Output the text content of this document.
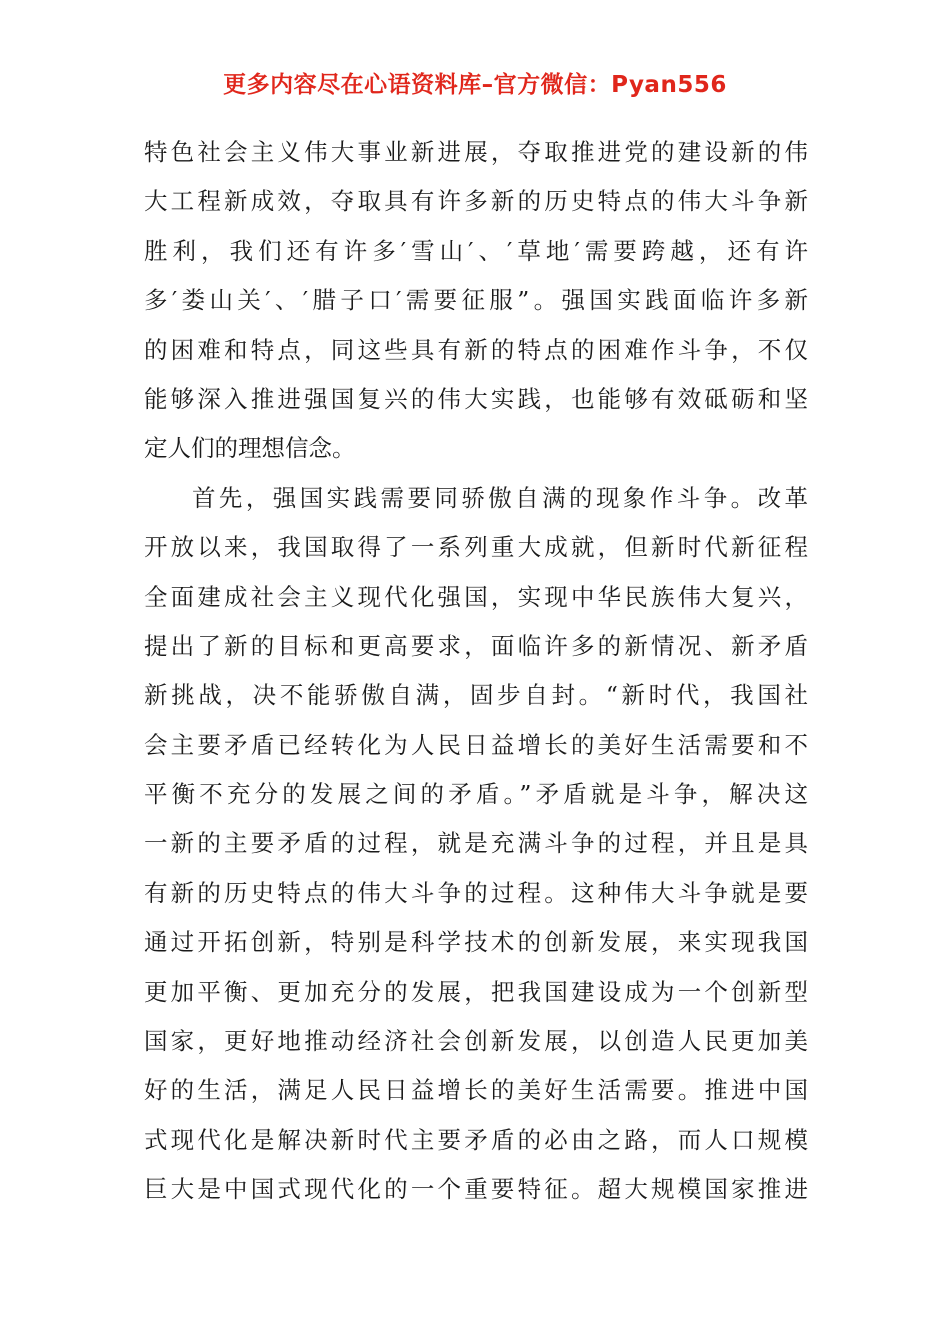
更多内容尽在心语资料库–官方微信：Pyan556
特色社会主义伟大事业新进展，夺取推进党的建设新的伟
大工程新成效，夺取具有许多新的历史特点的伟大斗争新
胜利，我们还有许多′雪山′、′草地′需要跨越，还有许
多′娄山关′、′腊子口′需要征服”。强国实践面临许多新
的困难和特点，同这些具有新的特点的困难作斗争，不仅
能够深入推进强国复兴的伟大实践，也能够有效砥砺和坚
定人们的理想信念。
首先，强国实践需要同骄傲自满的现象作斗争。改革
开放以来，我国取得了一系列重大成就，但新时代新征程
全面建成社会主义现代化强国，实现中华民族伟大复兴，
提出了新的目标和更高要求，面临许多的新情况、新矛盾
新挑战，决不能骄傲自满，固步自封。“新时代，我国社
会主要矛盾已经转化为人民日益增长的美好生活需要和不
平衡不充分的发展之间的矛盾。”矛盾就是斗争，解决这
一新的主要矛盾的过程，就是充满斗争的过程，并且是具
有新的历史特点的伟大斗争的过程。这种伟大斗争就是要
通过开拓创新，特别是科学技术的创新发展，来实现我国
更加平衡、更加充分的发展，把我国建设成为一个创新型
国家，更好地推动经济社会创新发展，以创造人民更加美
好的生活，满足人民日益增长的美好生活需要。推进中国
式现代化是解决新时代主要矛盾的必由之路，而人口规模
巨大是中国式现代化的一个重要特征。超大规模国家推进
